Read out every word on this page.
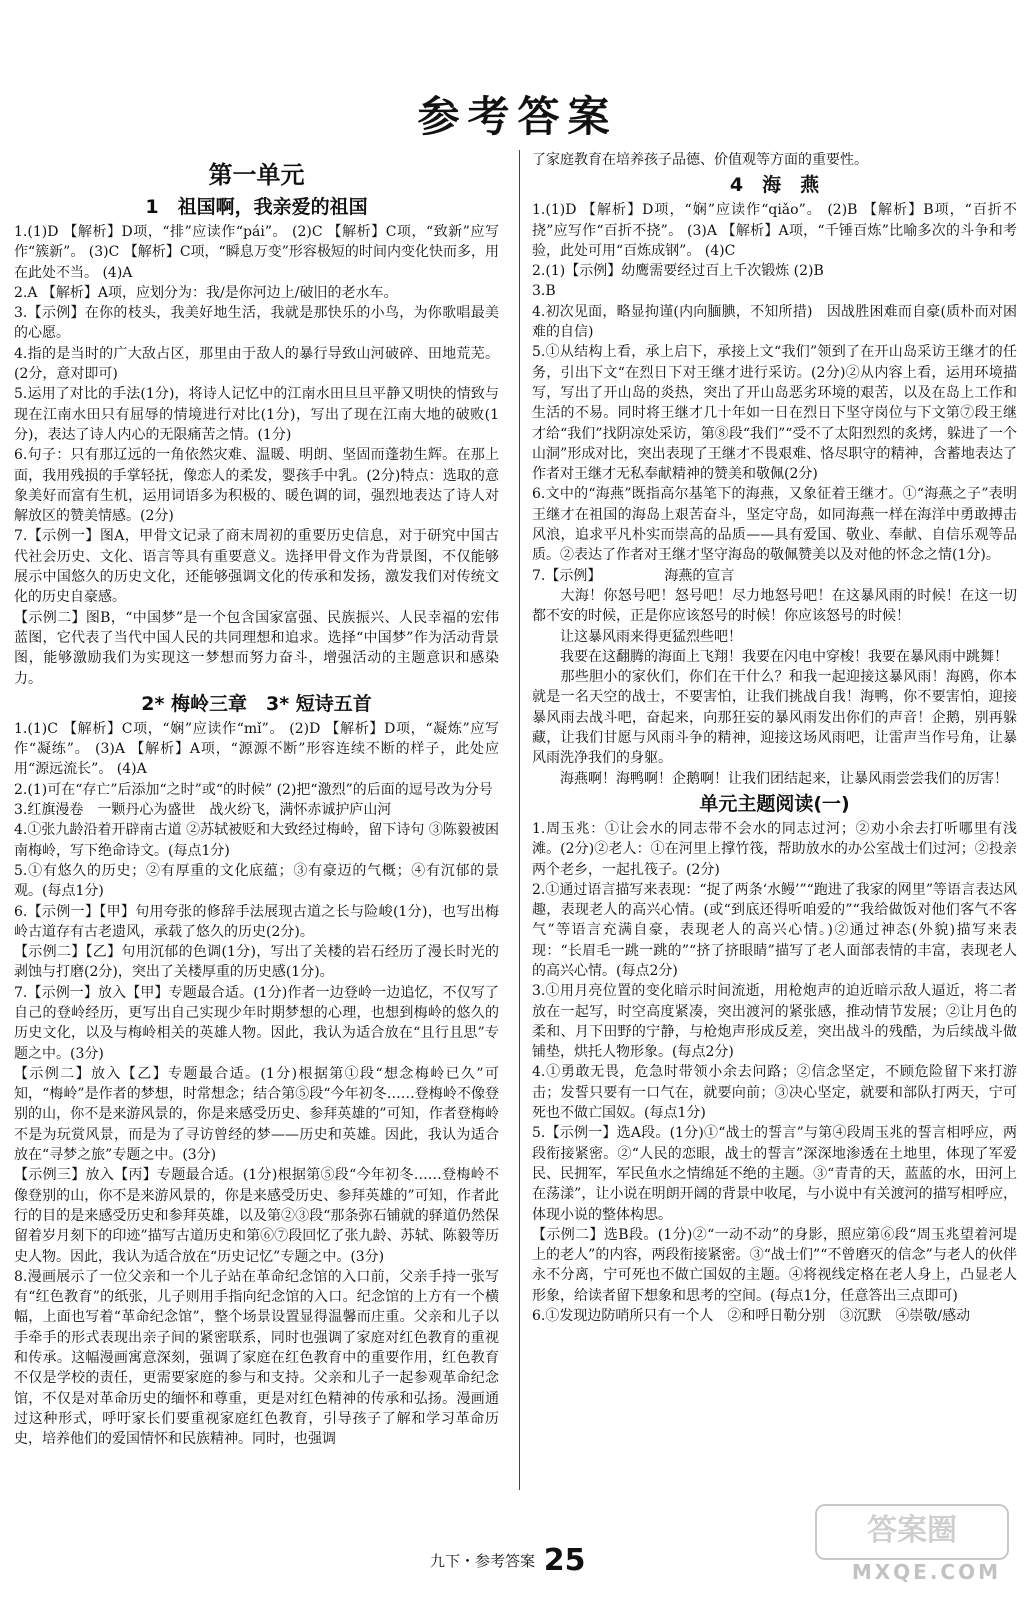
参考答案
第一单元
1　祖国啊，我亲爱的祖国

1.(1)D 【解析】D项，“排”应读作“pái”。 (2)C 【解析】C项，“致新”应写作“簇新”。 (3)C 【解析】C项，“瞬息万变”形容极短的时间内变化快而多，用在此处不当。 (4)A

2.A 【解析】A项，应划分为：我/是你河边上/破旧的老水车。

3.【示例】在你的枝头，我美好地生活，我就是那快乐的小鸟，为你歌唱最美的心愿。

4.指的是当时的广大敌占区，那里由于敌人的暴行导致山河破碎、田地荒芜。(2分，意对即可)

5.运用了对比的手法(1分)，将诗人记忆中的江南水田旦旦平静又明快的情致与现在江南水田只有屈辱的情境进行对比(1分)，写出了现在江南大地的破败(1分)，表达了诗人内心的无限痛苦之情。(1分)

6.句子：只有那辽远的一角依然灾难、温暖、明朗、坚固而蓬勃生辉。在那上面，我用残损的手掌轻抚，像恋人的柔发，婴孩手中乳。(2分)特点：选取的意象美好而富有生机，运用词语多为积极的、暖色调的词，强烈地表达了诗人对解放区的赞美情感。(2分)

7.【示例一】图A，甲骨文记录了商末周初的重要历史信息，对于研究中国古代社会历史、文化、语言等具有重要意义。选择甲骨文作为背景图，不仅能够展示中国悠久的历史文化，还能够强调文化的传承和发扬，激发我们对传统文化的历史自豪感。

【示例二】图B，“中国梦”是一个包含国家富强、民族振兴、人民幸福的宏伟蓝图，它代表了当代中国人民的共同理想和追求。选择“中国梦”作为活动背景图，能够激励我们为实现这一梦想而努力奋斗，增强活动的主题意识和感染力。

2* 梅岭三章　3* 短诗五首

1.(1)C 【解析】C项，“娴”应读作“mǐ”。 (2)D 【解析】D项，“凝炼”应写作“凝练”。 (3)A 【解析】A项，“源源不断”形容连续不断的样子，此处应用“源远流长”。 (4)A

2.(1)可在“存亡”后添加“之时”或“的时候” (2)把“激烈”的后面的逗号改为分号

3.红旗漫卷　一颗丹心为盛世　战火纷飞，满怀赤诚护庐山河

4.①张九龄沿着开辟南古道 ②苏轼被贬和大致经过梅岭，留下诗句 ③陈毅被困南梅岭，写下绝命诗文。(每点1分)

5.①有悠久的历史；②有厚重的文化底蕴；③有豪迈的气概；④有沉郁的景观。(每点1分)

6.【示例一】【甲】句用夸张的修辞手法展现古道之长与险峻(1分)，也写出梅岭古道存有古老遗风，承载了悠久的历史(2分)。

【示例二】【乙】句用沉郁的色调(1分)，写出了关楼的岩石经历了漫长时光的剥蚀与打磨(2分)，突出了关楼厚重的历史感(1分)。

7.【示例一】放入【甲】专题最合适。(1分)作者一边登岭一边追忆，不仅写了自己的登岭经历，更写出自己实现少年时期梦想的心理，也想到梅岭的悠久的历史文化，以及与梅岭相关的英雄人物。因此，我认为适合放在“且行且思”专题之中。(3分)

【示例二】放入【乙】专题最合适。(1分)根据第①段“想念梅岭已久”可知，“梅岭”是作者的梦想，时常想念；结合第⑤段“今年初冬……登梅岭不像登别的山，你不是来游风景的，你是来感受历史、参拜英雄的”可知，作者登梅岭不是为玩赏风景，而是为了寻访曾经的梦——历史和英雄。因此，我认为适合放在“寻梦之旅”专题之中。(3分)

【示例三】放入【丙】专题最合适。(1分)根据第⑤段“今年初冬……登梅岭不像登别的山，你不是来游风景的，你是来感受历史、参拜英雄的”可知，作者此行的目的是来感受历史和参拜英雄，以及第②③段“那条弥石铺就的驿道仍然保留着岁月刻下的印迹”描写古道历史和第⑥⑦段回忆了张九龄、苏轼、陈毅等历史人物。因此，我认为适合放在“历史记忆”专题之中。(3分)

8.漫画展示了一位父亲和一个儿子站在革命纪念馆的入口前，父亲手持一张写有“红色教育”的纸张，儿子则用手指向纪念馆的入口。纪念馆的上方有一个横幅，上面也写着“革命纪念馆”，整个场景设置显得温馨而庄重。父亲和儿子以手牵手的形式表现出亲子间的紧密联系，同时也强调了家庭对红色教育的重视和传承。这幅漫画寓意深刻，强调了家庭在红色教育中的重要作用，红色教育不仅是学校的责任，更需要家庭的参与和支持。父亲和儿子一起参观革命纪念馆，不仅是对革命历史的缅怀和尊重，更是对红色精神的传承和弘扬。漫画通过这种形式，呼吁家长们要重视家庭红色教育，引导孩子了解和学习革命历史，培养他们的爱国情怀和民族精神。同时，也强调

了家庭教育在培养孩子品德、价值观等方面的重要性。

4　海　燕

1.(1)D 【解析】D项，“娴”应读作“qiǎo”。 (2)B 【解析】B项，“百折不挠”应写作“百折不挠”。 (3)A 【解析】A项，“千锤百炼”比喻多次的斗争和考验，此处可用“百炼成钢”。 (4)C

2.(1)【示例】幼鹰需要经过百上千次锻炼 (2)B

3.B

4.初次见面，略显拘谨(内向腼腆，不知所措)　因战胜困难而自豪(质朴而对困难的自信)

5.①从结构上看，承上启下，承接上文“我们”领到了在开山岛采访王继才的任务，引出下文“在烈日下对王继才进行采访。(2分)②从内容上看，运用环境描写，写出了开山岛的炎热，突出了开山岛恶劣环境的艰苦，以及在岛上工作和生活的不易。同时将王继才几十年如一日在烈日下坚守岗位与下文第⑦段王继才给“我们”找阴凉处采访，第⑧段“我们”“受不了太阳烈烈的炙烤，躲进了一个山洞”形成对比，突出表现了王继才不畏艰难、恪尽职守的精神，含蓄地表达了作者对王继才无私奉献精神的赞美和敬佩(2分)

6.文中的“海燕”既指高尔基笔下的海燕，又象征着王继才。①“海燕之子”表明王继才在祖国的海岛上艰苦奋斗，坚定守岛，如同海燕一样在海洋中勇敢搏击风浪，追求平凡朴实而崇高的品质——具有爱国、敬业、奉献、自信乐观等品质。②表达了作者对王继才坚守海岛的敬佩赞美以及对他的怀念之情(1分)。

7.【示例】　　　　　海燕的宣言

　　大海！你怒号吧！怒号吧！尽力地怒号吧！在这暴风雨的时候！在这一切都不安的时候，正是你应该怒号的时候！你应该怒号的时候！

　　让这暴风雨来得更猛烈些吧！

　　我要在这翻腾的海面上飞翔！我要在闪电中穿梭！我要在暴风雨中跳舞！

　　那些胆小的家伙们，你们在干什么？和我一起迎接这暴风雨！海鸥，你本就是一名天空的战士，不要害怕，让我们挑战自我！海鸭，你不要害怕，迎接暴风雨去战斗吧，奋起来，向那狂妄的暴风雨发出你们的声音！企鹅，别再躲藏，让我们甘愿与风雨斗争的精神，迎接这场风雨吧，让雷声当作号角，让暴风雨洗净我们的身躯。

　　海燕啊！海鸭啊！企鹅啊！让我们团结起来，让暴风雨尝尝我们的厉害！

单元主题阅读(一)

1.周玉兆：①让会水的同志带不会水的同志过河；②劝小余去打听哪里有浅滩。(2分)②老人：①在河里上撑竹筏，帮助放水的办公室战士们过河；②投亲两个老乡，一起扎筏子。(2分)

2.①通过语言描写来表现：“捉了两条‘水鳗’”“跑进了我家的网里”等语言表达风趣，表现老人的高兴心情。(或“到底还得听咱爱的”“我给做饭对他们客气不客气”等语言充满自豪，表现老人的高兴心情。)②通过神态(外貌)描写来表现：“长眉毛一跳一跳的”“挤了挤眼睛”描写了老人面部表情的丰富，表现老人的高兴心情。(每点2分)

3.①用月亮位置的变化暗示时间流逝，用枪炮声的迫近暗示敌人逼近，将二者放在一起写，时空高度紧凑，突出渡河的紧张感，推动情节发展；②让月色的柔和、月下田野的宁静，与枪炮声形成反差，突出战斗的残酷，为后续战斗做铺垫，烘托人物形象。(每点2分)

4.①勇敢无畏，危急时带领小余去问路；②信念坚定，不顾危险留下来打游击；发誓只要有一口气在，就要向前；③决心坚定，就要和部队打两天，宁可死也不做亡国奴。(每点1分)

5.【示例一】选A段。(1分)①“战士的誓言”与第④段周玉兆的誓言相呼应，两段衔接紧密。②“人民的恋眼，战士的誓言”深深地渗透在土地里，体现了军爱民、民拥军，军民鱼水之情绵延不绝的主题。③“青青的天，蓝蓝的水，田河上在荡漾”，让小说在明朗开阔的背景中收尾，与小说中有关渡河的描写相呼应，体现小说的整体构思。

【示例二】选B段。(1分)②“一动不动”的身影，照应第⑥段“周玉兆望着河堤上的老人”的内容，两段衔接紧密。③“战士们”“不曾磨灭的信念”与老人的伙伴永不分离，宁可死也不做亡国奴的主题。④将视线定格在老人身上，凸显老人形象，给读者留下想象和思考的空间。(每点1分，任意答出三点即可)

6.①发现边防哨所只有一个人　②和呼日勒分别　③沉默　④崇敬/感动

九下・参考答案 25
答案圈
MXQE.COM
